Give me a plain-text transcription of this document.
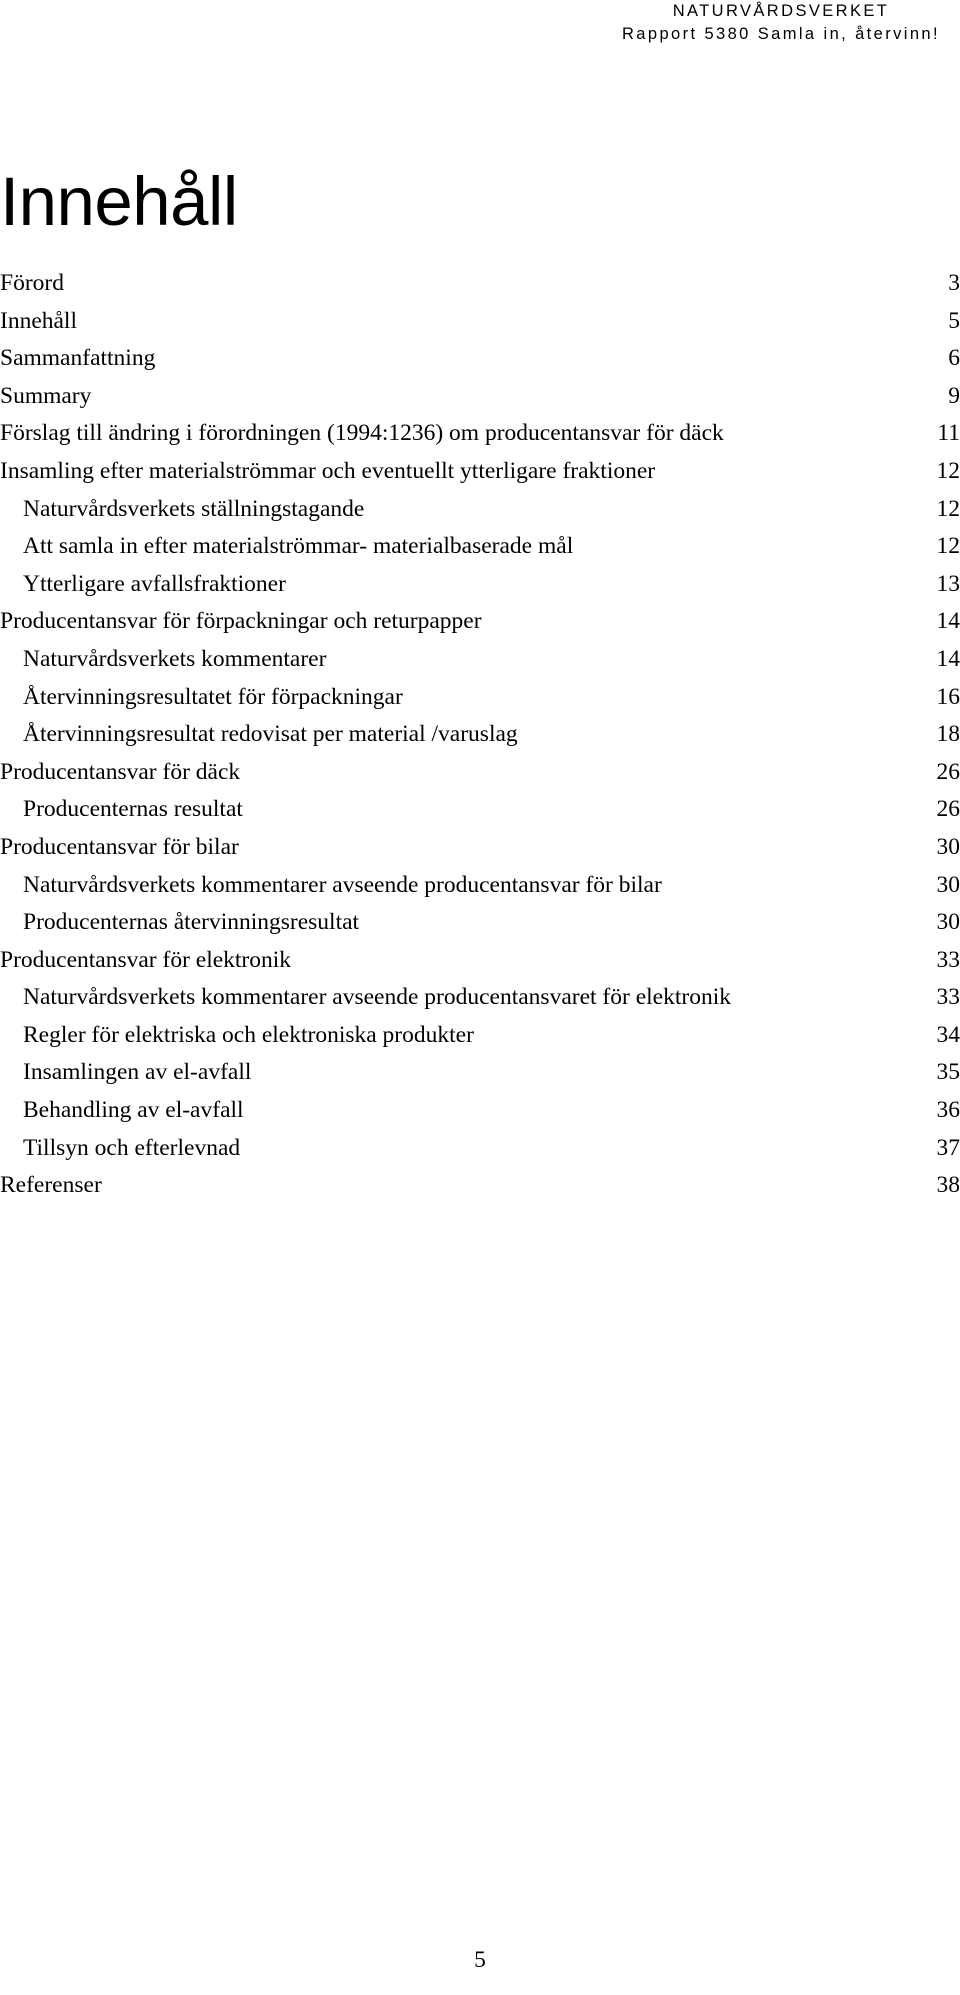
NATURVÅRDSVERKET
Rapport 5380 Samla in, återvinn!
Innehåll
Förord	3
Innehåll	5
Sammanfattning	6
Summary	9
Förslag till ändring i förordningen (1994:1236) om producentansvar för däck	11
Insamling efter materialströmmar och eventuellt ytterligare fraktioner	12
Naturvårdsverkets ställningstagande	12
Att samla in efter materialströmmar- materialbaserade mål	12
Ytterligare avfallsfraktioner	13
Producentansvar för förpackningar och returpapper	14
Naturvårdsverkets kommentarer	14
Återvinningsresultatet för förpackningar	16
Återvinningsresultat redovisat per material /varuslag	18
Producentansvar för däck	26
Producenternas resultat	26
Producentansvar för bilar	30
Naturvårdsverkets kommentarer avseende producentansvar för bilar	30
Producenternas återvinningsresultat	30
Producentansvar för elektronik	33
Naturvårdsverkets kommentarer avseende producentansvaret för elektronik	33
Regler för elektriska och elektroniska produkter	34
Insamlingen av el-avfall	35
Behandling av el-avfall	36
Tillsyn och efterlevnad	37
Referenser	38
5
